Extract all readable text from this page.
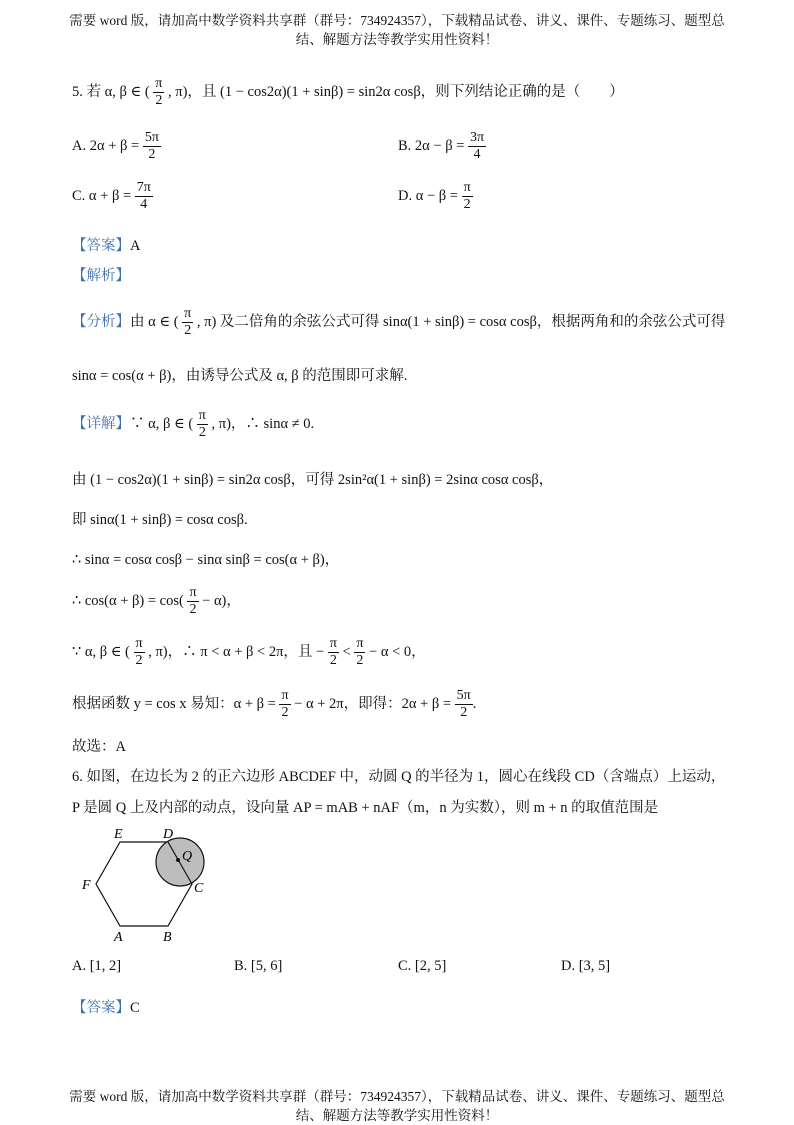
需要 word 版，请加高中数学资料共享群（群号：734924357），下载精品试卷、讲义、课件、专题练习、题型总
结、解题方法等教学实用性资料！
5. 若 α, β ∈ ( $\frac{\pi}{2}$ , π)，且 (1 − cos2α)(1 + sinβ) = sin2α cosβ，则下列结论正确的是（　　）
A. $2\alpha + \beta = \frac{5\pi}{2}$	B. $2\alpha - \beta = \frac{3\pi}{4}$
C. $\alpha + \beta = \frac{7\pi}{4}$	D. $\alpha - \beta = \frac{\pi}{2}$
【答案】A
【解析】
【分析】由 α ∈ ( $\frac{\pi}{2}$ , π) 及二倍角的余弦公式可得 sinα(1 + sinβ) = cosα cosβ，根据两角和的余弦公式可得
sinα = cos(α + β)，由诱导公式及 α, β 的范围即可求解.
【详解】∵ α, β ∈ ( $\frac{\pi}{2}$ , π)，∴ sinα ≠ 0.
由 (1 − cos2α)(1 + sinβ) = sin2α cosβ，可得 2sin²α(1 + sinβ) = 2sinα cosα cosβ，
即 sinα(1 + sinβ) = cosα cosβ.
∴ sinα = cosα cosβ − sinα sinβ = cos(α + β)，
∴ $\cos(\alpha + \beta) = \cos( \frac{\pi}{2} - \alpha)$，
∵ α, β ∈ ( $\frac{\pi}{2}$ , π)，∴ π < α + β < 2π，且 − $\frac{\pi}{2} < \frac{\pi}{2} - \alpha < 0$，
根据函数 y = cos x 易知：$\alpha + \beta = \frac{\pi}{2} - \alpha + 2\pi$，即得：$2\alpha + \beta = \frac{5\pi}{2}$ .
故选：A
6. 如图，在边长为 2 的正六边形 ABCDEF 中，动圆 Q 的半径为 1，圆心在线段 CD（含端点）上运动，
P 是圆 Q 上及内部的动点，设向量 AP = mAB + nAF（m，n 为实数），则 m + n 的取值范围是
E	D
Q
F	C
A	B
A. [1, 2]	B. [5, 6]	C. [2, 5]	D. [3, 5]
【答案】C
需要 word 版，请加高中数学资料共享群（群号：734924357），下载精品试卷、讲义、课件、专题练习、题型总
结、解题方法等教学实用性资料！
